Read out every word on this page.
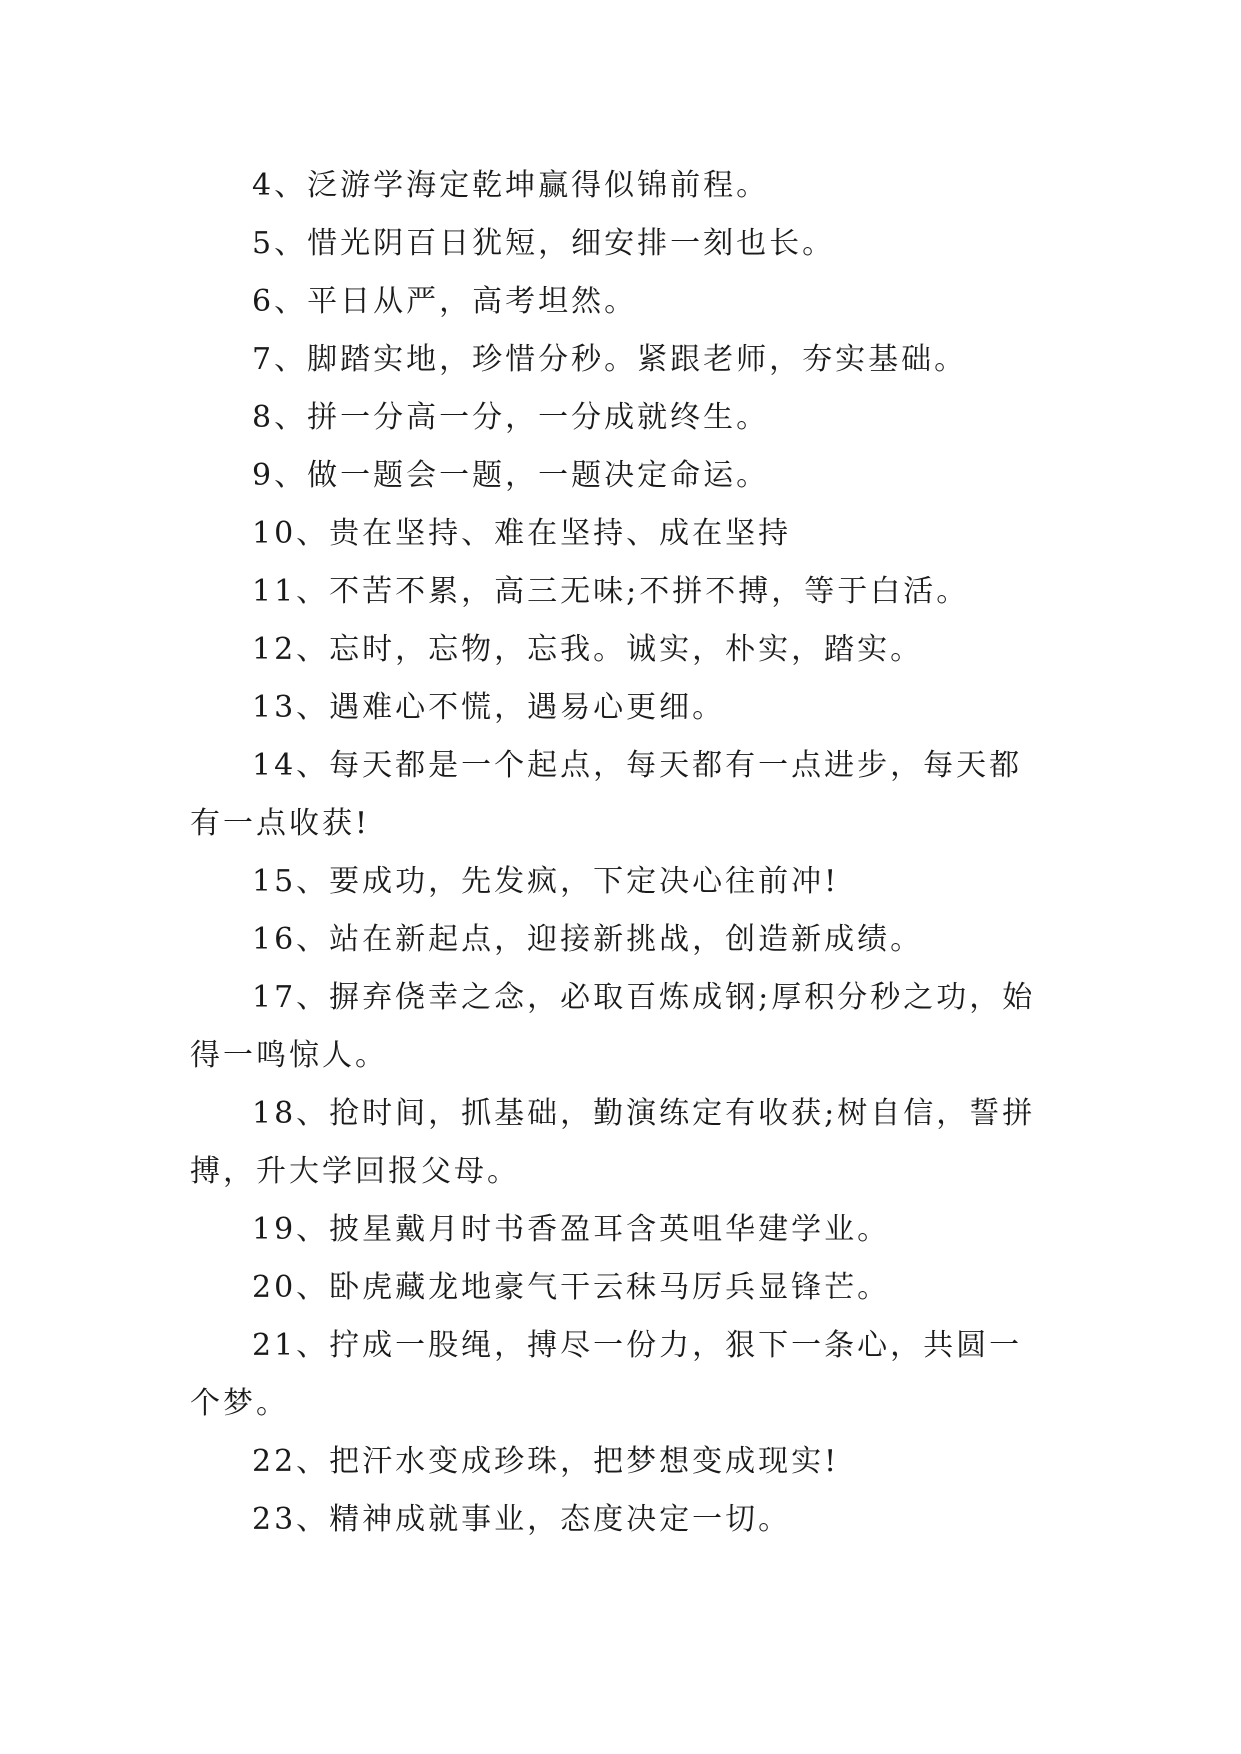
4、泛游学海定乾坤赢得似锦前程。

5、惜光阴百日犹短，细安排一刻也长。

6、平日从严，高考坦然。

7、脚踏实地，珍惜分秒。紧跟老师，夯实基础。

8、拼一分高一分，一分成就终生。

9、做一题会一题，一题决定命运。

10、贵在坚持、难在坚持、成在坚持

11、不苦不累，高三无味;不拼不搏，等于白活。

12、忘时，忘物，忘我。诚实，朴实，踏实。

13、遇难心不慌，遇易心更细。

14、每天都是一个起点，每天都有一点进步，每天都有一点收获!

15、要成功，先发疯，下定决心往前冲!

16、站在新起点，迎接新挑战，创造新成绩。

17、摒弃侥幸之念，必取百炼成钢;厚积分秒之功，始得一鸣惊人。

18、抢时间，抓基础，勤演练定有收获;树自信，誓拼搏，升大学回报父母。

19、披星戴月时书香盈耳含英咀华建学业。

20、卧虎藏龙地豪气干云秣马厉兵显锋芒。

21、拧成一股绳，搏尽一份力，狠下一条心，共圆一个梦。

22、把汗水变成珍珠，把梦想变成现实!

23、精神成就事业，态度决定一切。
